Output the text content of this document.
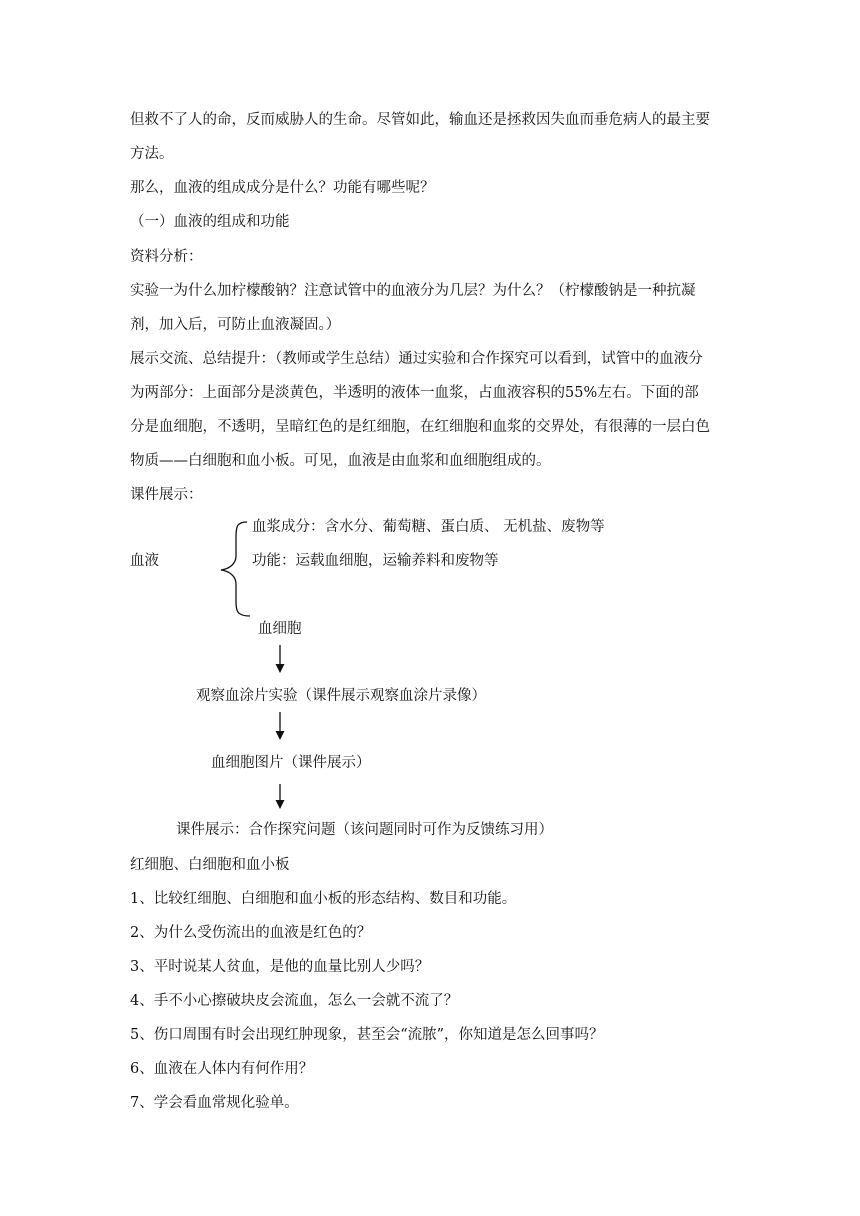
但救不了人的命，反而威胁人的生命。尽管如此，输血还是拯救因失血而垂危病人的最主要
方法。
那么，血液的组成成分是什么？功能有哪些呢？
（一）血液的组成和功能
资料分析：
实验一为什么加柠檬酸钠？注意试管中的血液分为几层？为什么？（柠檬酸钠是一种抗凝
剂，加入后，可防止血液凝固。）
展示交流、总结提升：（教师或学生总结）通过实验和合作探究可以看到，试管中的血液分
为两部分：上面部分是淡黄色，半透明的液体一血浆，占血液容积的55%左右。下面的部
分是血细胞，不透明，呈暗红色的是红细胞，在红细胞和血浆的交界处，有很薄的一层白色
物质——白细胞和血小板。可见，血液是由血浆和血细胞组成的。
课件展示：
血液
血浆成分：含水分、葡萄糖、蛋白质、 无机盐、废物等
功能：运载血细胞，运输养料和废物等
血细胞
观察血涂片实验（课件展示观察血涂片录像）
血细胞图片（课件展示）
课件展示：合作探究问题（该问题同时可作为反馈练习用）
红细胞、白细胞和血小板
1、比较红细胞、白细胞和血小板的形态结构、数目和功能。
2、为什么受伤流出的血液是红色的？
3、平时说某人贫血，是他的血量比别人少吗？
4、手不小心擦破块皮会流血，怎么一会就不流了？
5、伤口周围有时会出现红肿现象，甚至会“流脓”，你知道是怎么回事吗？
6、血液在人体内有何作用？
7、学会看血常规化验单。
